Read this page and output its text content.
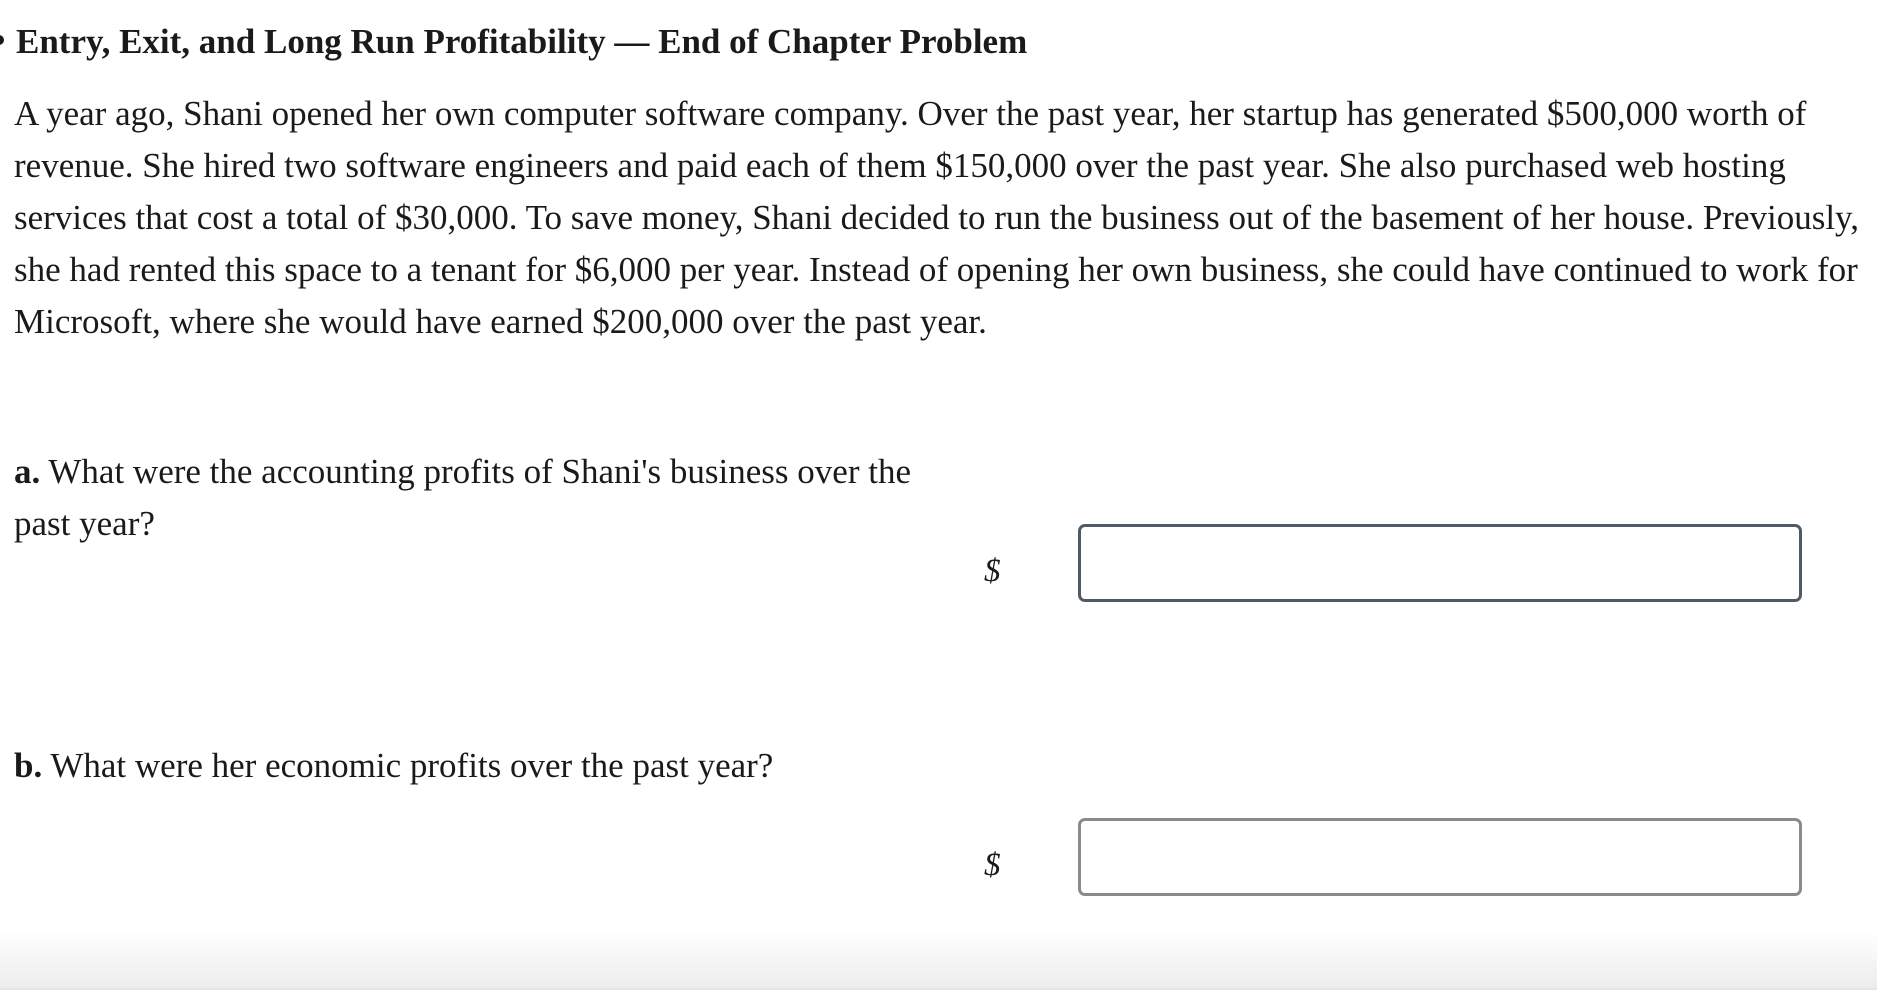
Entry, Exit, and Long Run Profitability — End of Chapter Problem

A year ago, Shani opened her own computer software company. Over the past year, her startup has generated $500,000 worth of revenue. She hired two software engineers and paid each of them $150,000 over the past year. She also purchased web hosting services that cost a total of $30,000. To save money, Shani decided to run the business out of the basement of her house. Previously, she had rented this space to a tenant for $6,000 per year. Instead of opening her own business, she could have continued to work for Microsoft, where she would have earned $200,000 over the past year.

a. What were the accounting profits of Shani's business over the past year?
$
b. What were her economic profits over the past year?
$
